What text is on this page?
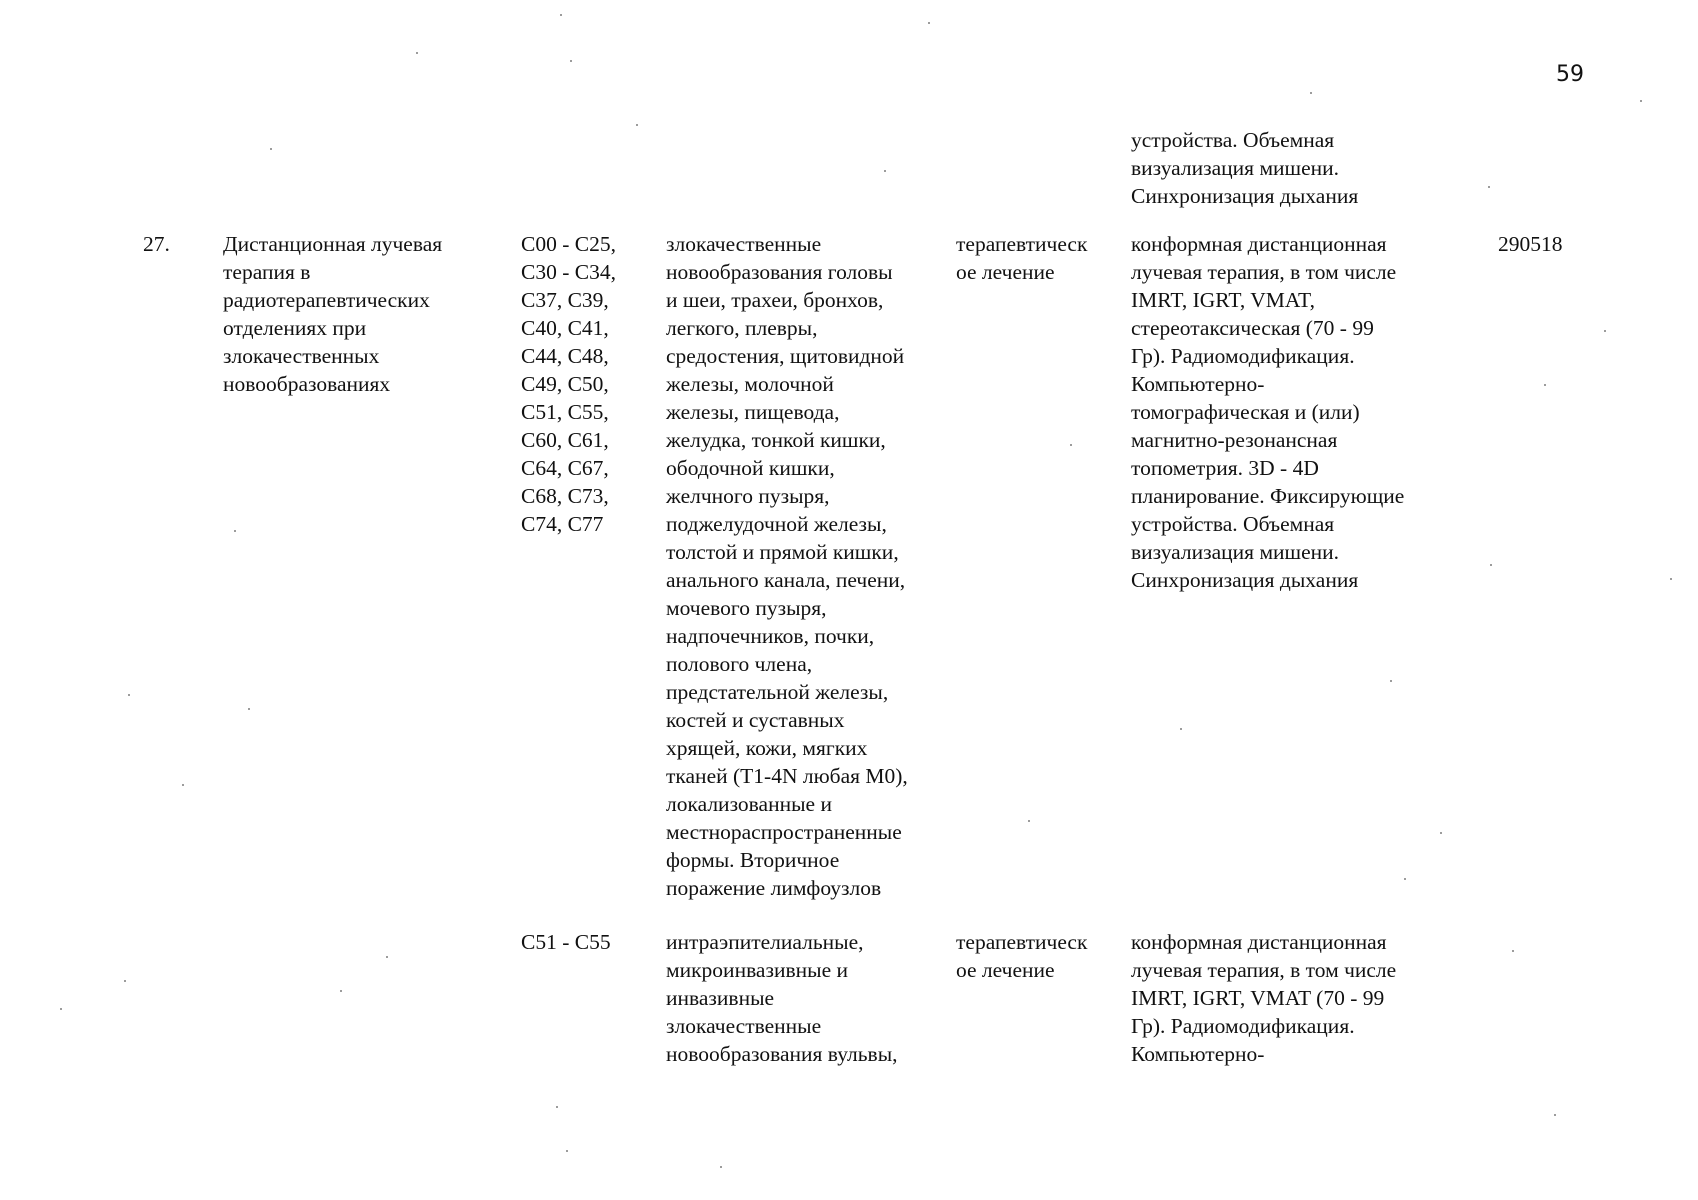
59
устройства. Объемная
визуализация мишени.
Синхронизация дыхания
27. Дистанционная лучевая
терапия в
радиотерапевтических
отделениях при
злокачественных
новообразованиях
C00 - C25,
C30 - C34,
C37, C39,
C40, C41,
C44, C48,
C49, C50,
C51, C55,
C60, C61,
C64, C67,
C68, C73,
C74, C77
злокачественные
новообразования головы
и шеи, трахеи, бронхов,
легкого, плевры,
средостения, щитовидной
железы, молочной
железы, пищевода,
желудка, тонкой кишки,
ободочной кишки,
желчного пузыря,
поджелудочной железы,
толстой и прямой кишки,
анального канала, печени,
мочевого пузыря,
надпочечников, почки,
полового члена,
предстательной железы,
костей и суставных
хрящей, кожи, мягких
тканей (T1-4N любая M0),
локализованные и
местнораспространенные
формы. Вторичное
поражение лимфоузлов
терапевтическ
ое лечение
конформная дистанционная
лучевая терапия, в том числе
IMRT, IGRT, VMAT,
стереотаксическая (70 - 99
Гр). Радиомодификация.
Компьютерно-
томографическая и (или)
магнитно-резонансная
топометрия. 3D - 4D
планирование. Фиксирующие
устройства. Объемная
визуализация мишени.
Синхронизация дыхания
290518
C51 - C55	интраэпителиальные,
микроинвазивные и
инвазивные
злокачественные
новообразования вульвы,
терапевтическ
ое лечение
конформная дистанционная
лучевая терапия, в том числе
IMRT, IGRT, VMAT (70 - 99
Гр). Радиомодификация.
Компьютерно-
